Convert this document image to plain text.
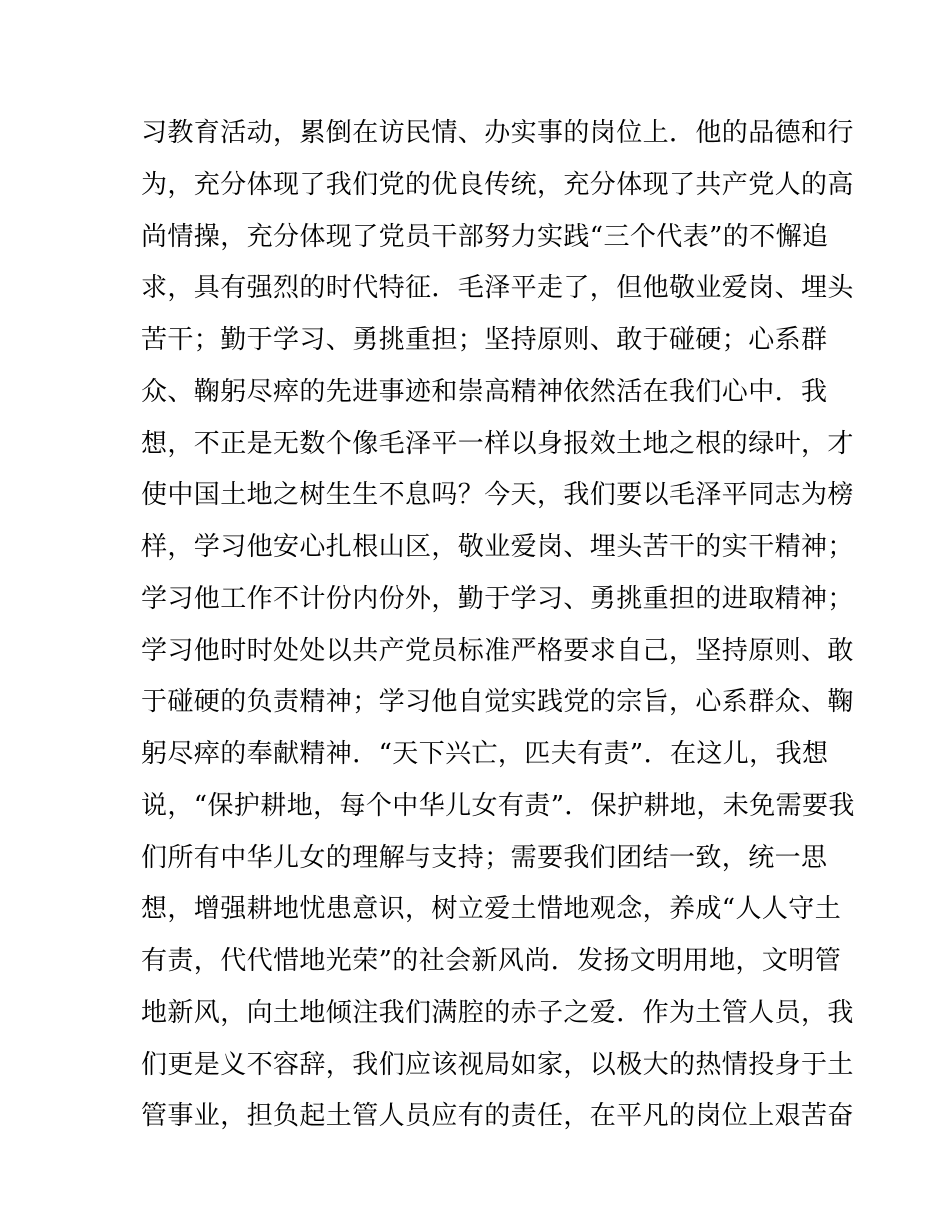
习教育活动，累倒在访民情、办实事的岗位上．他的品德和行
为，充分体现了我们党的优良传统，充分体现了共产党人的高
尚情操，充分体现了党员干部努力实践“三个代表”的不懈追
求，具有强烈的时代特征．毛泽平走了，但他敬业爱岗、埋头
苦干；勤于学习、勇挑重担；坚持原则、敢于碰硬；心系群
众、鞠躬尽瘁的先进事迹和崇高精神依然活在我们心中．我
想，不正是无数个像毛泽平一样以身报效土地之根的绿叶，才
使中国土地之树生生不息吗？今天，我们要以毛泽平同志为榜
样，学习他安心扎根山区，敬业爱岗、埋头苦干的实干精神；
学习他工作不计份内份外，勤于学习、勇挑重担的进取精神；
学习他时时处处以共产党员标准严格要求自己，坚持原则、敢
于碰硬的负责精神；学习他自觉实践党的宗旨，心系群众、鞠
躬尽瘁的奉献精神．“天下兴亡，匹夫有责”．在这儿，我想
说，“保护耕地，每个中华儿女有责”．保护耕地，未免需要我
们所有中华儿女的理解与支持；需要我们团结一致，统一思
想，增强耕地忧患意识，树立爱土惜地观念，养成“人人守土
有责，代代惜地光荣”的社会新风尚．发扬文明用地，文明管
地新风，向土地倾注我们满腔的赤子之爱．作为土管人员，我
们更是义不容辞，我们应该视局如家，以极大的热情投身于土
管事业，担负起土管人员应有的责任，在平凡的岗位上艰苦奋
